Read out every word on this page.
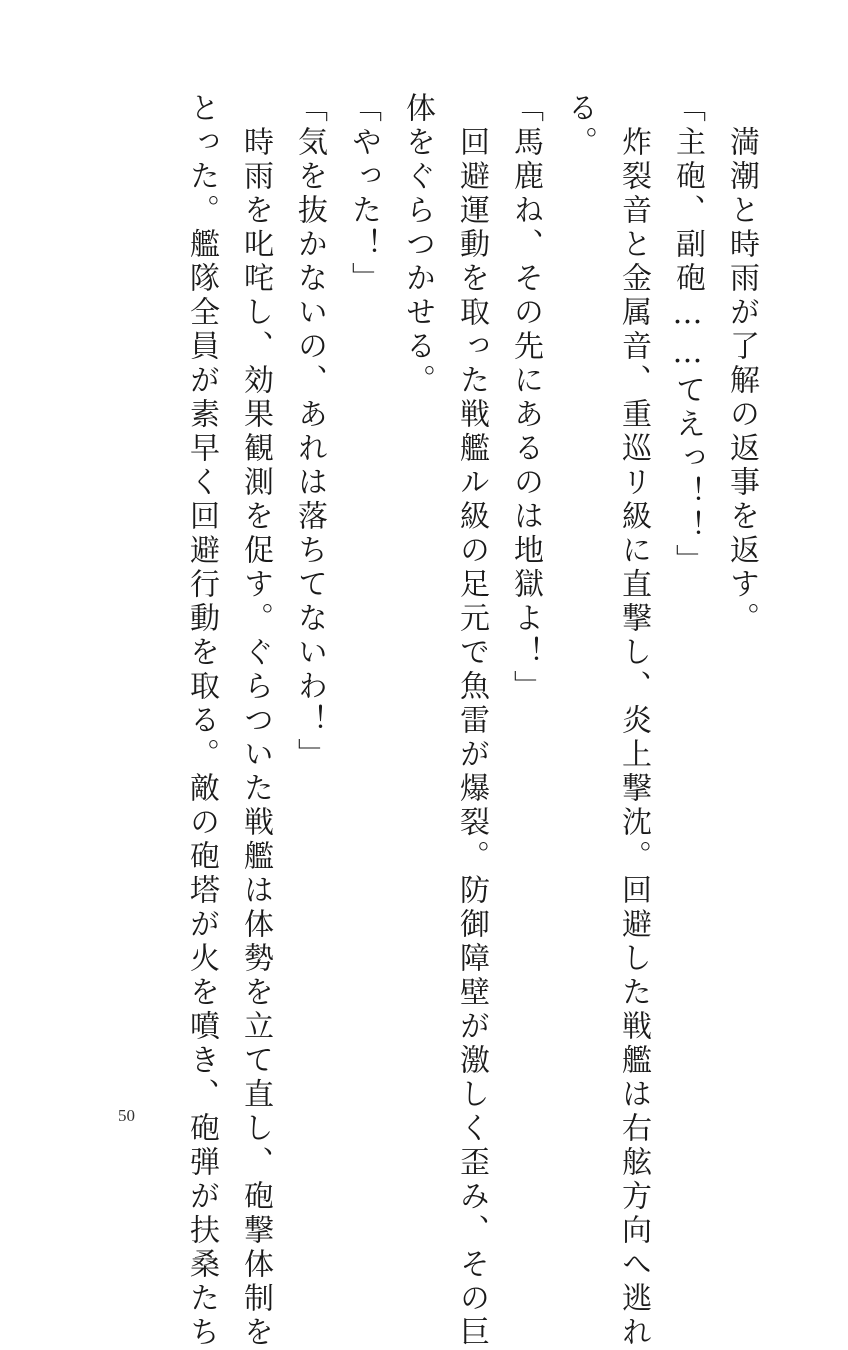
　満潮と時雨が了解の返事を返す。

「主砲、副砲……てえっ！！」

　炸裂音と金属音、重巡リ級に直撃し、炎上撃沈。回避した戦艦は右舷方向へ逃れ

る。

「馬鹿ね、その先にあるのは地獄よ！」

　回避運動を取った戦艦ル級の足元で魚雷が爆裂。防御障壁が激しく歪み、その巨

体をぐらつかせる。

「やった！」

「気を抜かないの、あれは落ちてないわ！」

　時雨を叱咤し、効果観測を促す。ぐらついた戦艦は体勢を立て直し、砲撃体制を

とった。艦隊全員が素早く回避行動を取る。敵の砲塔が火を噴き、砲弾が扶桑たち

50
